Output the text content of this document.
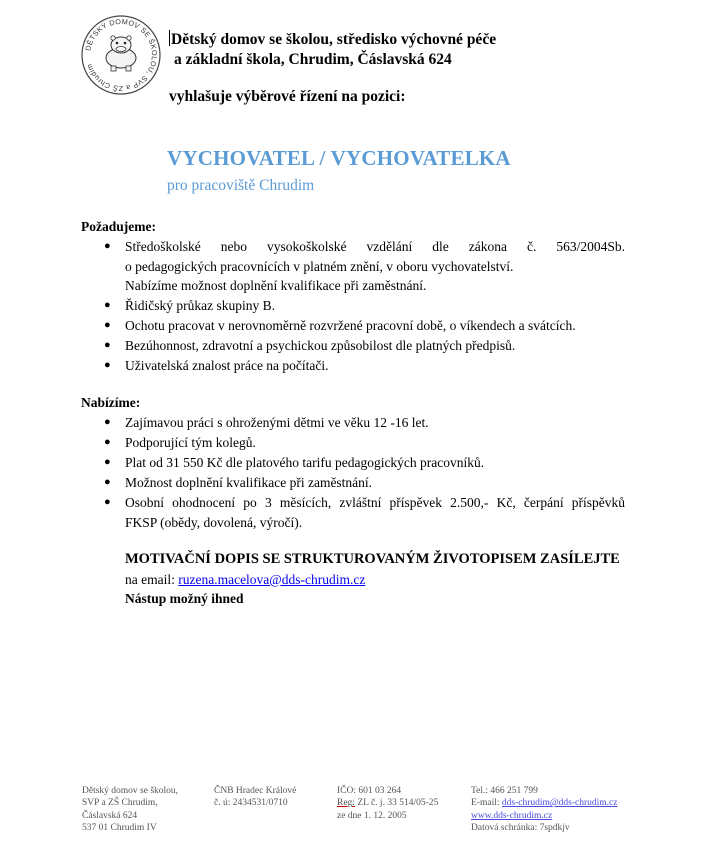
DĚTSKÝ DOMOV SE ŠKOLOU, SVP a ZŠ Chrudim
Dětský domov se školou, středisko výchovné péče
a základní škola, Chrudim, Čáslavská 624
vyhlašuje výběrové řízení na pozici:
VYCHOVATEL / VYCHOVATELKA
pro pracoviště Chrudim
Požadujeme:
● Středoškolské nebo vysokoškolské vzdělání dle zákona č. 563/2004Sb.
o pedagogických pracovnících v platném znění, v oboru vychovatelství.
Nabízíme možnost doplnění kvalifikace při zaměstnání.
● Řidičský průkaz skupiny B.
● Ochotu pracovat v nerovnoměrně rozvržené pracovní době, o víkendech a svátcích.
● Bezúhonnost, zdravotní a psychickou způsobilost dle platných předpisů.
● Uživatelská znalost práce na počítači.
Nabízíme:
● Zajímavou práci s ohroženými dětmi ve věku 12 -16 let.
● Podporující tým kolegů.
● Plat od 31 550 Kč dle platového tarifu pedagogických pracovníků.
● Možnost doplnění kvalifikace při zaměstnání.
● Osobní ohodnocení po 3 měsících, zvláštní příspěvek 2.500,- Kč, čerpání příspěvků
FKSP (obědy, dovolená, výročí).
MOTIVAČNÍ DOPIS SE STRUKTUROVANÝM ŽIVOTOPISEM ZASÍLEJTE
na email: ruzena.macelova@dds-chrudim.cz
Nástup možný ihned
Dětský domov se školou,
SVP a ZŠ Chrudim,
Čáslavská 624
537 01 Chrudim IV
ČNB Hradec Králové
č. ú: 2434531/0710
IČO: 601 03 264
Reg: ZL č. j. 33 514/05-25
ze dne 1. 12. 2005
Tel.: 466 251 799
E-mail: dds-chrudim@dds-chrudim.cz
www.dds-chrudim.cz
Datová schránka: 7spdkjv
